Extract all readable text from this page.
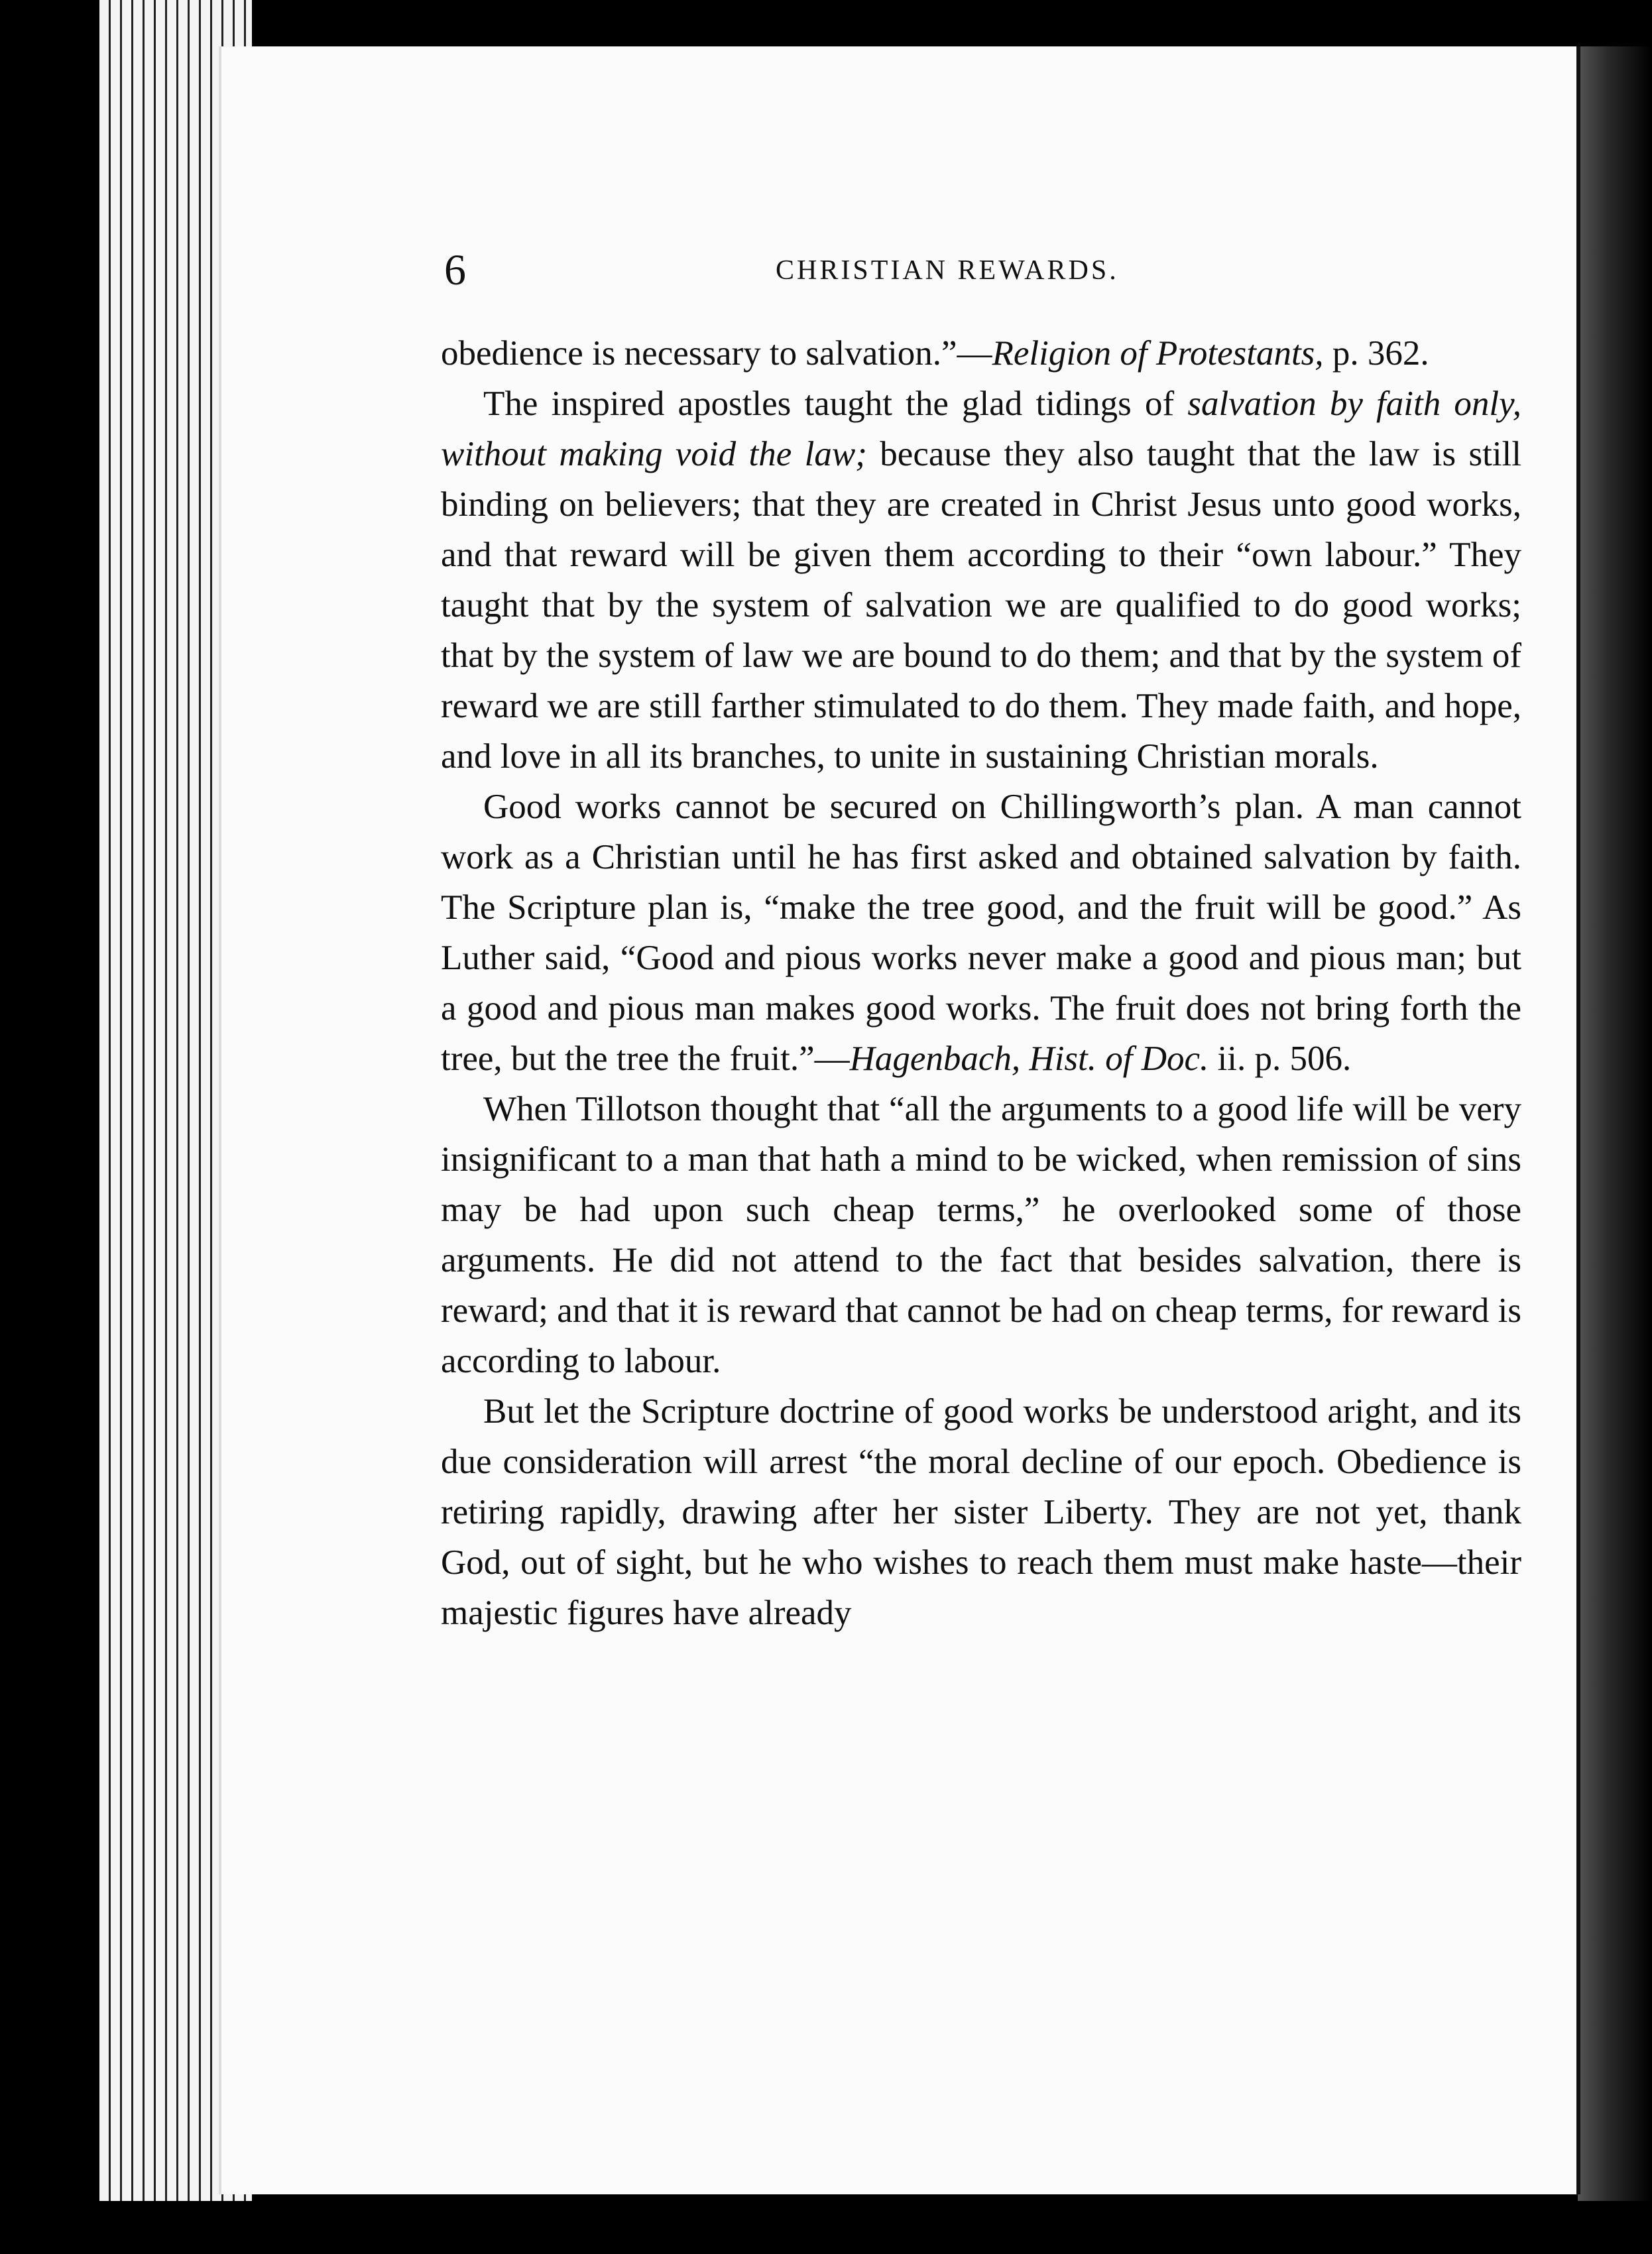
6	CHRISTIAN REWARDS.

obedience is necessary to salvation.”—Religion of Protestants, p. 362.

The inspired apostles taught the glad tidings of salvation by faith only, without making void the law; because they also taught that the law is still binding on believers; that they are created in Christ Jesus unto good works, and that reward will be given them according to their “own labour.” They taught that by the system of salvation we are qualified to do good works; that by the system of law we are bound to do them; and that by the system of reward we are still farther stimulated to do them. They made faith, and hope, and love in all its branches, to unite in sustaining Christian morals.

Good works cannot be secured on Chillingworth’s plan. A man cannot work as a Christian until he has first asked and obtained salvation by faith. The Scripture plan is, “make the tree good, and the fruit will be good.” As Luther said, “Good and pious works never make a good and pious man; but a good and pious man makes good works. The fruit does not bring forth the tree, but the tree the fruit.”—Hagenbach, Hist. of Doc. ii. p. 506.

When Tillotson thought that “all the arguments to a good life will be very insignificant to a man that hath a mind to be wicked, when remission of sins may be had upon such cheap terms,” he overlooked some of those arguments. He did not attend to the fact that besides salvation, there is reward; and that it is reward that cannot be had on cheap terms, for reward is according to labour.

But let the Scripture doctrine of good works be understood aright, and its due consideration will arrest “the moral decline of our epoch. Obedience is retiring rapidly, drawing after her sister Liberty. They are not yet, thank God, out of sight, but he who wishes to reach them must make haste—their majestic figures have already
